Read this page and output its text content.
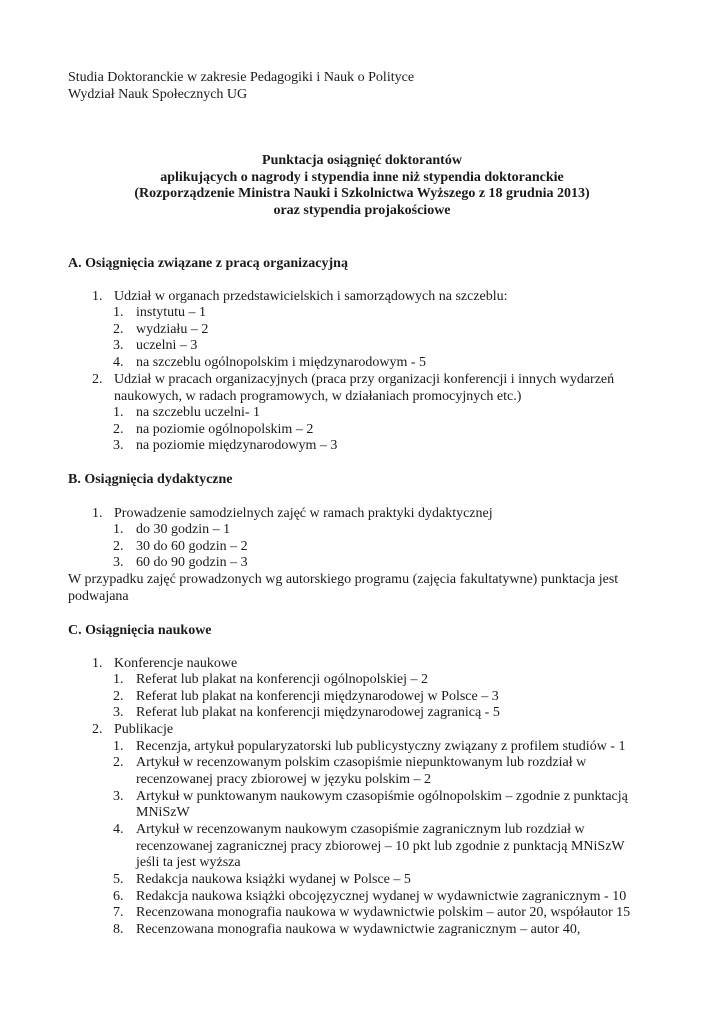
Studia Doktoranckie w zakresie Pedagogiki i Nauk o Polityce
Wydział Nauk Społecznych UG
Punktacja osiągnięć doktorantów
aplikujących o nagrody i stypendia inne niż stypendia doktoranckie
(Rozporządzenie Ministra Nauki i Szkolnictwa Wyższego z 18 grudnia 2013)
oraz stypendia projakościowe
A. Osiągnięcia związane z pracą organizacyjną
1. Udział w organach przedstawicielskich i samorządowych na szczeblu:
1. instytutu – 1
2. wydziału – 2
3. uczelni – 3
4. na szczeblu ogólnopolskim i międzynarodowym - 5
2. Udział w pracach organizacyjnych (praca przy organizacji konferencji i innych wydarzeń
naukowych, w radach programowych, w działaniach promocyjnych etc.)
1. na szczeblu uczelni- 1
2. na poziomie ogólnopolskim – 2
3. na poziomie międzynarodowym – 3
B. Osiągnięcia dydaktyczne
1. Prowadzenie samodzielnych zajęć w ramach praktyki dydaktycznej
1. do 30 godzin – 1
2. 30 do 60 godzin – 2
3. 60 do 90 godzin – 3
W przypadku zajęć prowadzonych wg autorskiego programu (zajęcia fakultatywne) punktacja jest
podwajana
C. Osiągnięcia naukowe
1. Konferencje naukowe
1. Referat lub plakat na konferencji ogólnopolskiej – 2
2. Referat lub plakat na konferencji międzynarodowej w Polsce – 3
3. Referat lub plakat na konferencji międzynarodowej zagranicą - 5
2. Publikacje
1. Recenzja, artykuł popularyzatorski lub publicystyczny związany z profilem studiów - 1
2. Artykuł w recenzowanym polskim czasopiśmie niepunktowanym lub rozdział w
recenzowanej pracy zbiorowej w języku polskim – 2
3. Artykuł w punktowanym naukowym czasopiśmie ogólnopolskim – zgodnie z punktacją
MNiSzW
4. Artykuł w recenzowanym naukowym czasopiśmie zagranicznym lub rozdział w
recenzowanej zagranicznej pracy zbiorowej – 10 pkt lub zgodnie z punktacją MNiSzW
jeśli ta jest wyższa
5. Redakcja naukowa książki wydanej w Polsce – 5
6. Redakcja naukowa książki obcojęzycznej wydanej w wydawnictwie zagranicznym - 10
7. Recenzowana monografia naukowa w wydawnictwie polskim – autor 20, współautor 15
8. Recenzowana monografia naukowa w wydawnictwie zagranicznym – autor 40,
